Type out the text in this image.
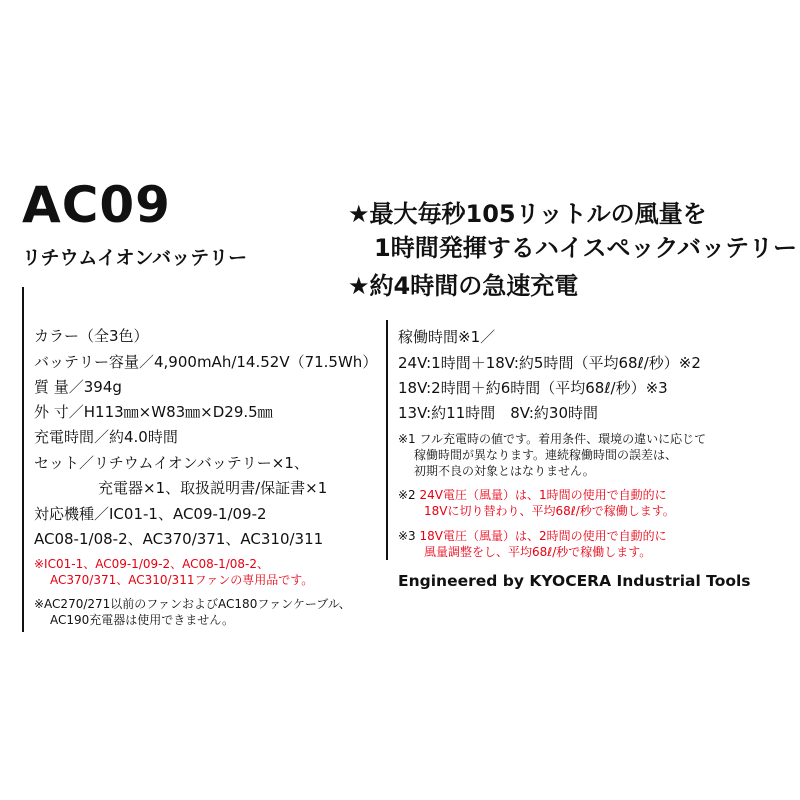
AC09
リチウムイオンバッテリー
★最大毎秒105リットルの風量を
1時間発揮するハイスペックバッテリー
★約4時間の急速充電
カラー（全3色）
バッテリー容量／4,900mAh/14.52V（71.5Wh）
質 量／394g
外 寸／H113㎜×W83㎜×D29.5㎜
充電時間／約4.0時間
セット／リチウムイオンバッテリー×1、
充電器×1、取扱説明書/保証書×1
対応機種／IC01-1、AC09-1/09-2
AC08-1/08-2、AC370/371、AC310/311
※IC01-1、AC09-1/09-2、AC08-1/08-2、
AC370/371、AC310/311ファンの専用品です。
※AC270/271以前のファンおよびAC180ファンケーブル、
AC190充電器は使用できません。
稼働時間※1／
24V:1時間＋18V:約5時間（平均68ℓ/秒）※2
18V:2時間＋約6時間（平均68ℓ/秒）※3
13V:約11時間　8V:約30時間
※1 フル充電時の値です。着用条件、環境の違いに応じて
稼働時間が異なります。連続稼働時間の誤差は、
初期不良の対象とはなりません。
※2 24V電圧（風量）は、1時間の使用で自動的に
18Vに切り替わり、平均68ℓ/秒で稼働します。
※3 18V電圧（風量）は、2時間の使用で自動的に
風量調整をし、平均68ℓ/秒で稼働します。
Engineered by KYOCERA Industrial Tools
